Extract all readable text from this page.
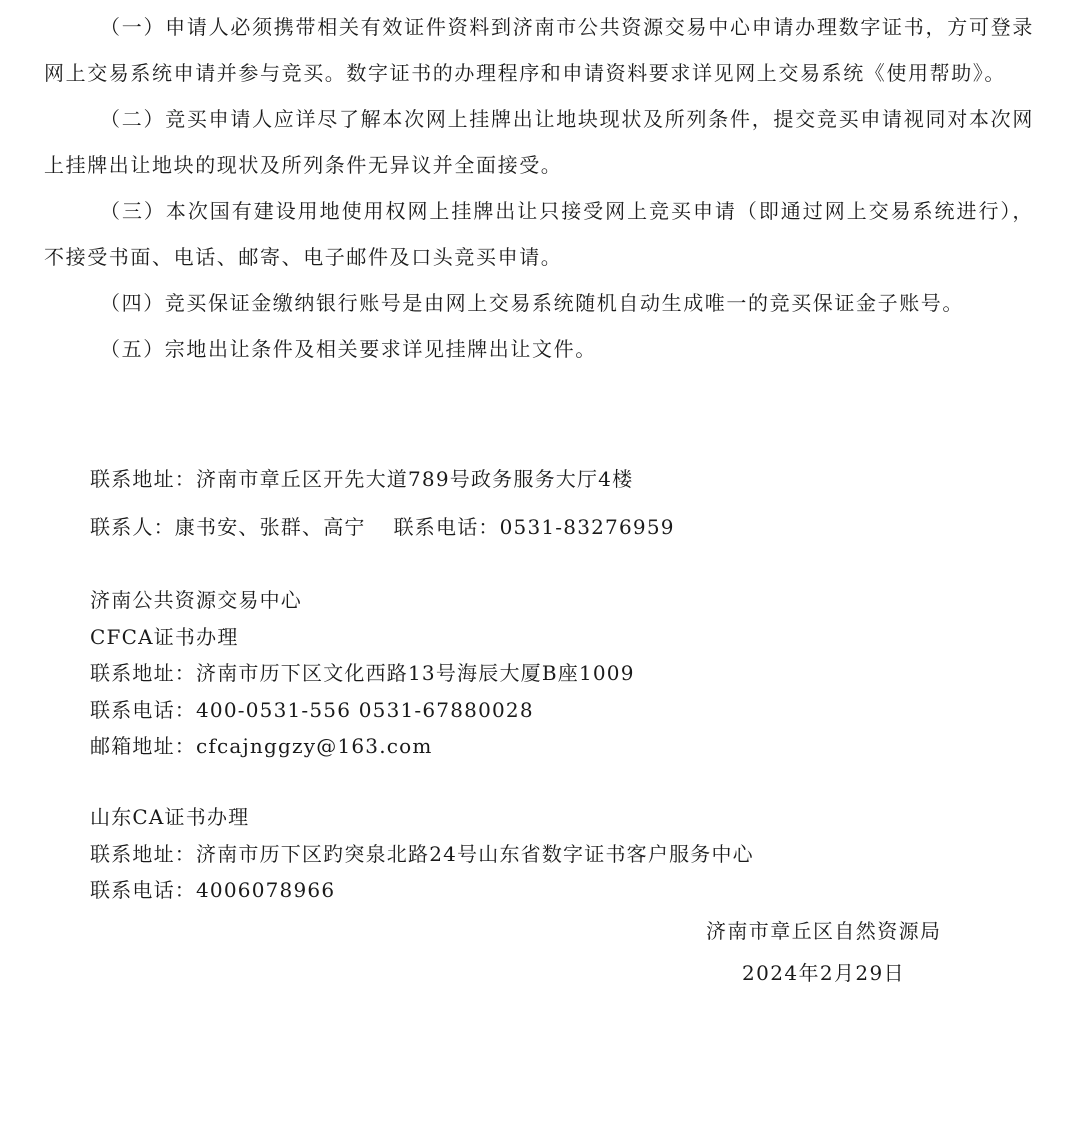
（一）申请人必须携带相关有效证件资料到济南市公共资源交易中心申请办理数字证书，方可登录网上交易系统申请并参与竞买。数字证书的办理程序和申请资料要求详见网上交易系统《使用帮助》。

（二）竞买申请人应详尽了解本次网上挂牌出让地块现状及所列条件，提交竞买申请视同对本次网上挂牌出让地块的现状及所列条件无异议并全面接受。

（三）本次国有建设用地使用权网上挂牌出让只接受网上竞买申请（即通过网上交易系统进行），不接受书面、电话、邮寄、电子邮件及口头竞买申请。

（四）竞买保证金缴纳银行账号是由网上交易系统随机自动生成唯一的竞买保证金子账号。

（五）宗地出让条件及相关要求详见挂牌出让文件。

联系地址：济南市章丘区开先大道789号政务服务大厅4楼
联系人：康书安、张群、高宁 联系电话：0531-83276959
济南公共资源交易中心
CFCA证书办理
联系地址：济南市历下区文化西路13号海辰大厦B座1009
联系电话：400-0531-556 0531-67880028
邮箱地址：cfcajnggzy@163.com
山东CA证书办理
联系地址：济南市历下区趵突泉北路24号山东省数字证书客户服务中心
联系电话：4006078966
济南市章丘区自然资源局
2024年2月29日
